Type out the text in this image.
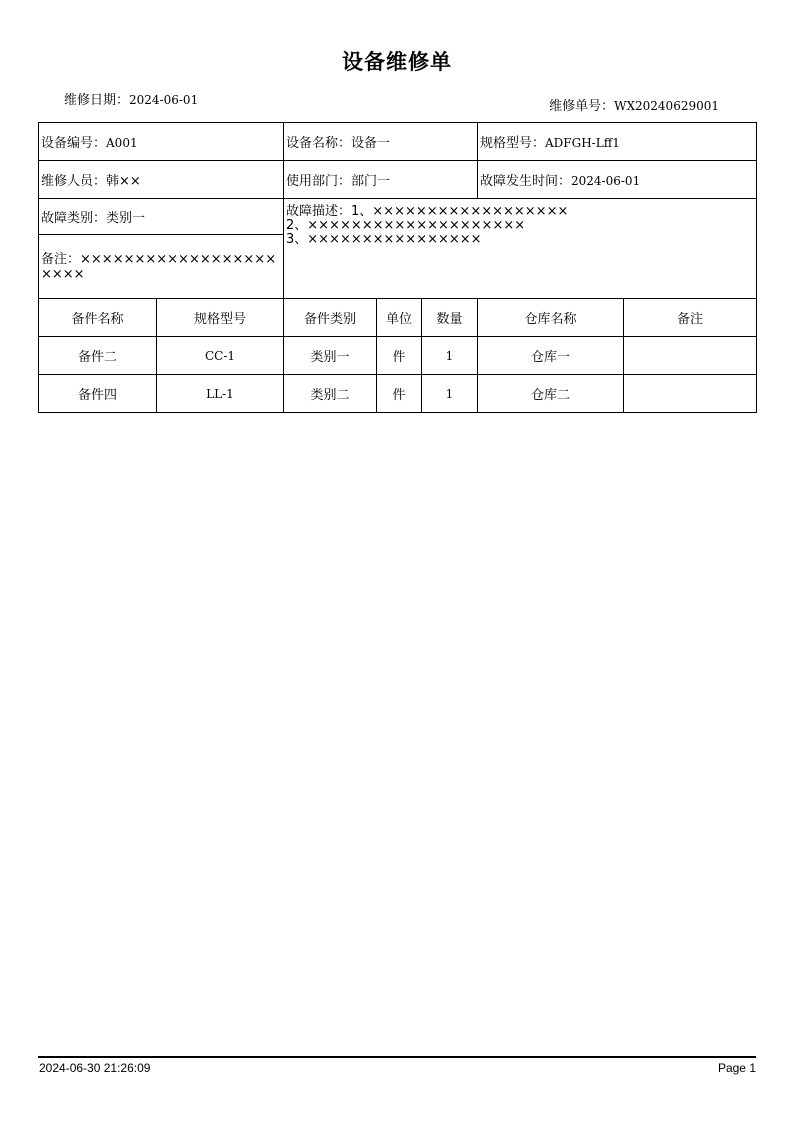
设备维修单
维修日期：2024-06-01	维修单号：WX20240629001
设备编号：A001		设备名称：设备一			规格型号：ADFGH-Lff1	
维修人员：韩××		使用部门：部门一			故障发生时间：2024-06-01	
故障类别：类别一		故障描述：1、××××××××××××××××××
2、××××××××××××××××××××
3、××××××××××××××××				
备注：××××××××××××××××××××××						
备件名称	规格型号	备件类别	单位	数量	仓库名称	备注
备件二	CC-1	类别一	件	1	仓库一	
备件四	LL-1	类别二	件	1	仓库二	
2024-06-30 21:26:09	Page 1
